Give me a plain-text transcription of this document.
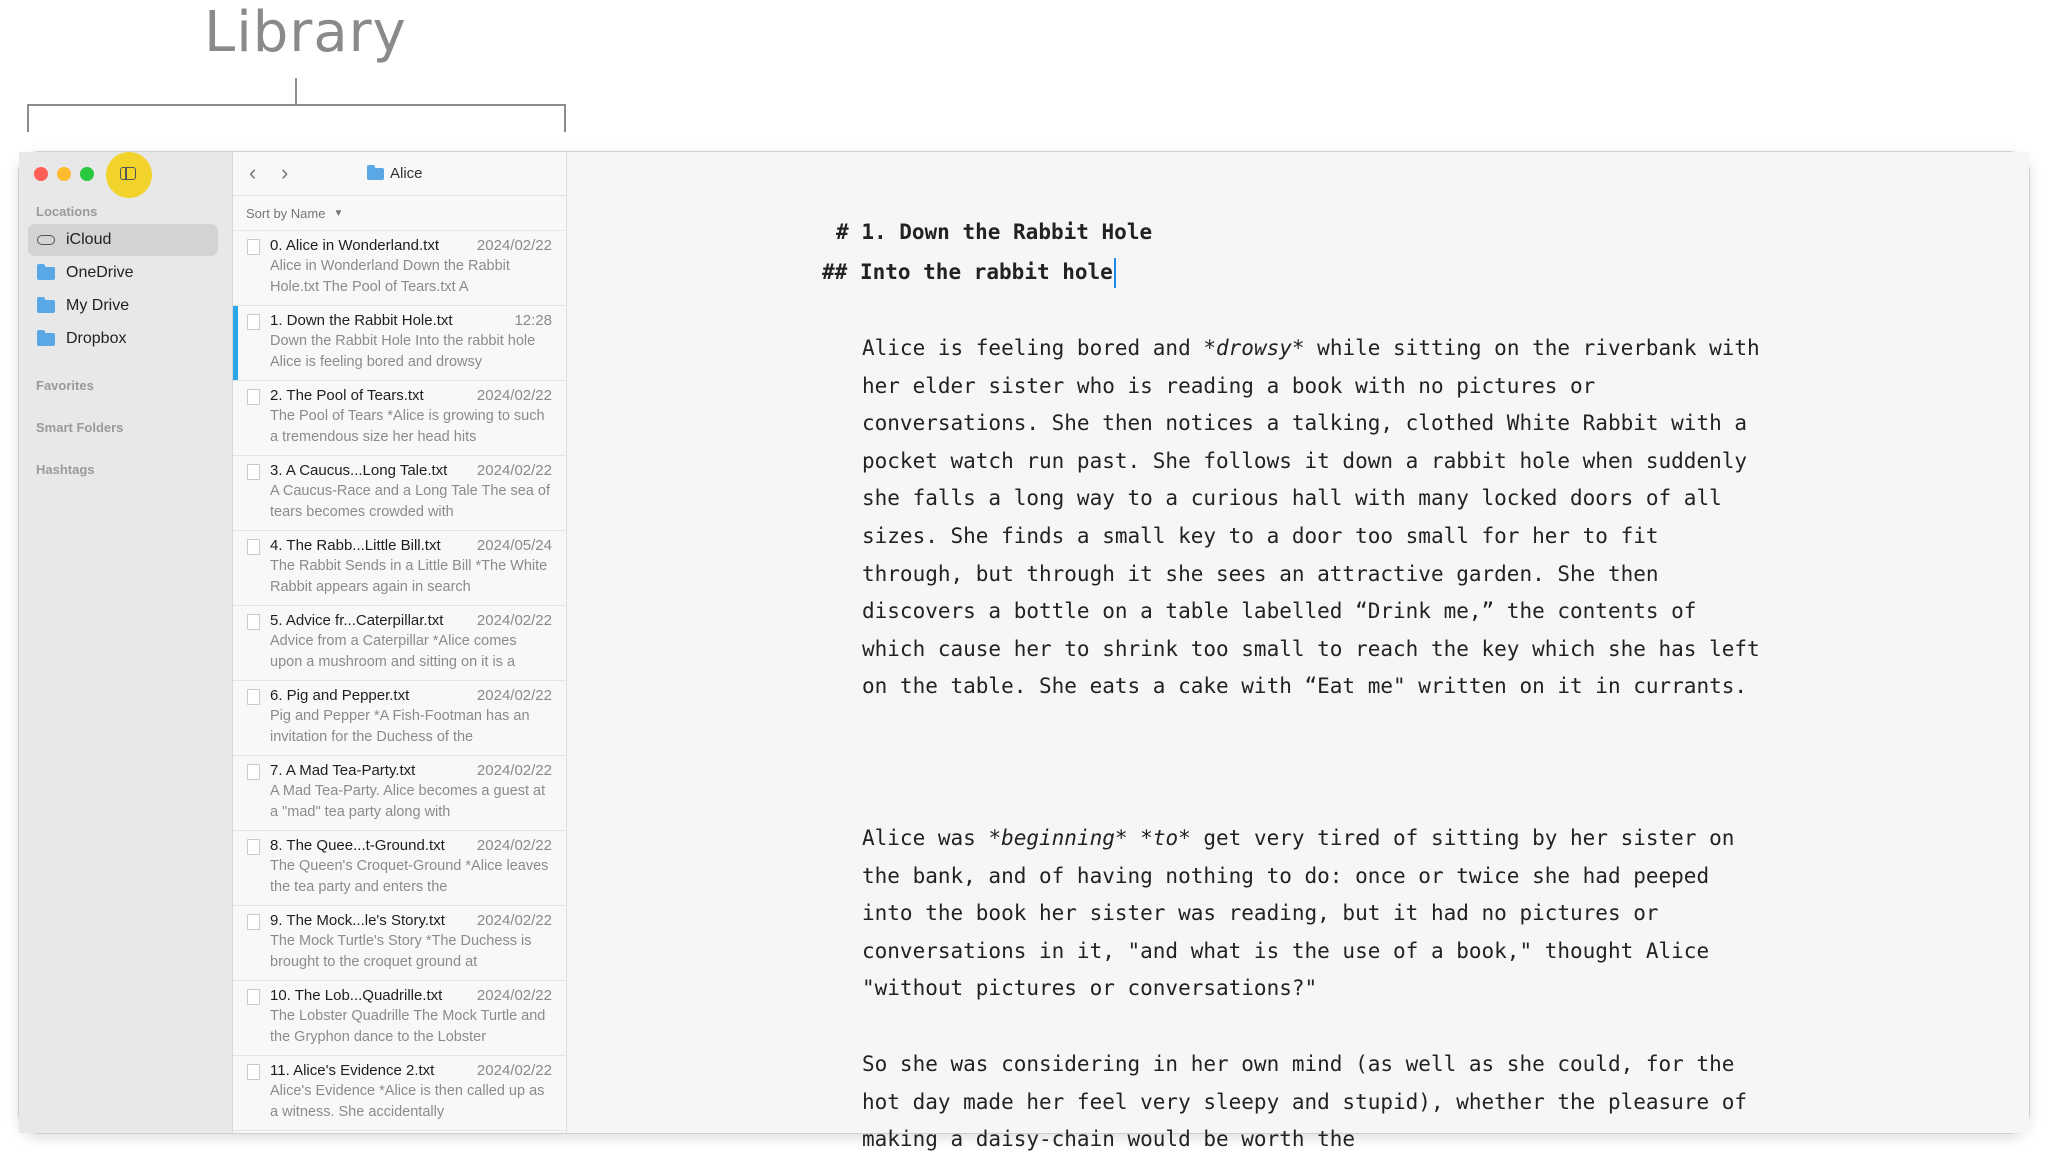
Library
Locations
iCloud
OneDrive
My Drive
Dropbox
Favorites
Smart Folders
Hashtags
‹ ›	Alice
Sort by Name ▼
0. Alice in Wonderland.txt	2024/02/22
Alice in Wonderland Down the Rabbit Hole.txt The Pool of Tears.txt A
1. Down the Rabbit Hole.txt	12:28
Down the Rabbit Hole Into the rabbit hole Alice is feeling bored and drowsy
2. The Pool of Tears.txt	2024/02/22
The Pool of Tears *Alice is growing to such a tremendous size her head hits
3. A Caucus...Long Tale.txt 2024/02/22
A Caucus-Race and a Long Tale The sea of tears becomes crowded with
4. The Rabb...Little Bill.txt 2024/05/24
The Rabbit Sends in a Little Bill *The White Rabbit appears again in search
5. Advice fr...Caterpillar.txt 2024/02/22
Advice from a Caterpillar *Alice comes upon a mushroom and sitting on it is a
6. Pig and Pepper.txt	2024/02/22
Pig and Pepper *A Fish-Footman has an invitation for the Duchess of the
7. A Mad Tea-Party.txt	2024/02/22
A Mad Tea-Party. Alice becomes a guest at a "mad" tea party along with
8. The Quee...t-Ground.txt 2024/02/22
The Queen's Croquet-Ground *Alice leaves the tea party and enters the
9. The Mock...le's Story.txt 2024/02/22
The Mock Turtle's Story *The Duchess is brought to the croquet ground at
10. The Lob...Quadrille.txt 2024/02/22
The Lobster Quadrille The Mock Turtle and the Gryphon dance to the Lobster
11. Alice's Evidence 2.txt	2024/02/22
Alice's Evidence *Alice is then called up as a witness. She accidentally
# 1. Down the Rabbit Hole
## Into the rabbit hole
Alice is feeling bored and *drowsy* while sitting on the riverbank with her elder sister who is reading a book with no pictures or conversations. She then notices a talking, clothed White Rabbit with a pocket watch run past. She follows it down a rabbit hole when suddenly she falls a long way to a curious hall with many locked doors of all sizes. She finds a small key to a door too small for her to fit through, but through it she sees an attractive garden. She then discovers a bottle on a table labelled “Drink me,” the contents of which cause her to shrink too small to reach the key which she has left on the table. She eats a cake with “Eat me" written on it in currants.
Alice was *beginning* *to* get very tired of sitting by her sister on the bank, and of having nothing to do: once or twice she had peeped into the book her sister was reading, but it had no pictures or conversations in it, "and what is the use of a book," thought Alice "without pictures or conversations?"
So she was considering in her own mind (as well as she could, for the hot day made her feel very sleepy and stupid), whether the pleasure of making a daisy-chain would be worth the
